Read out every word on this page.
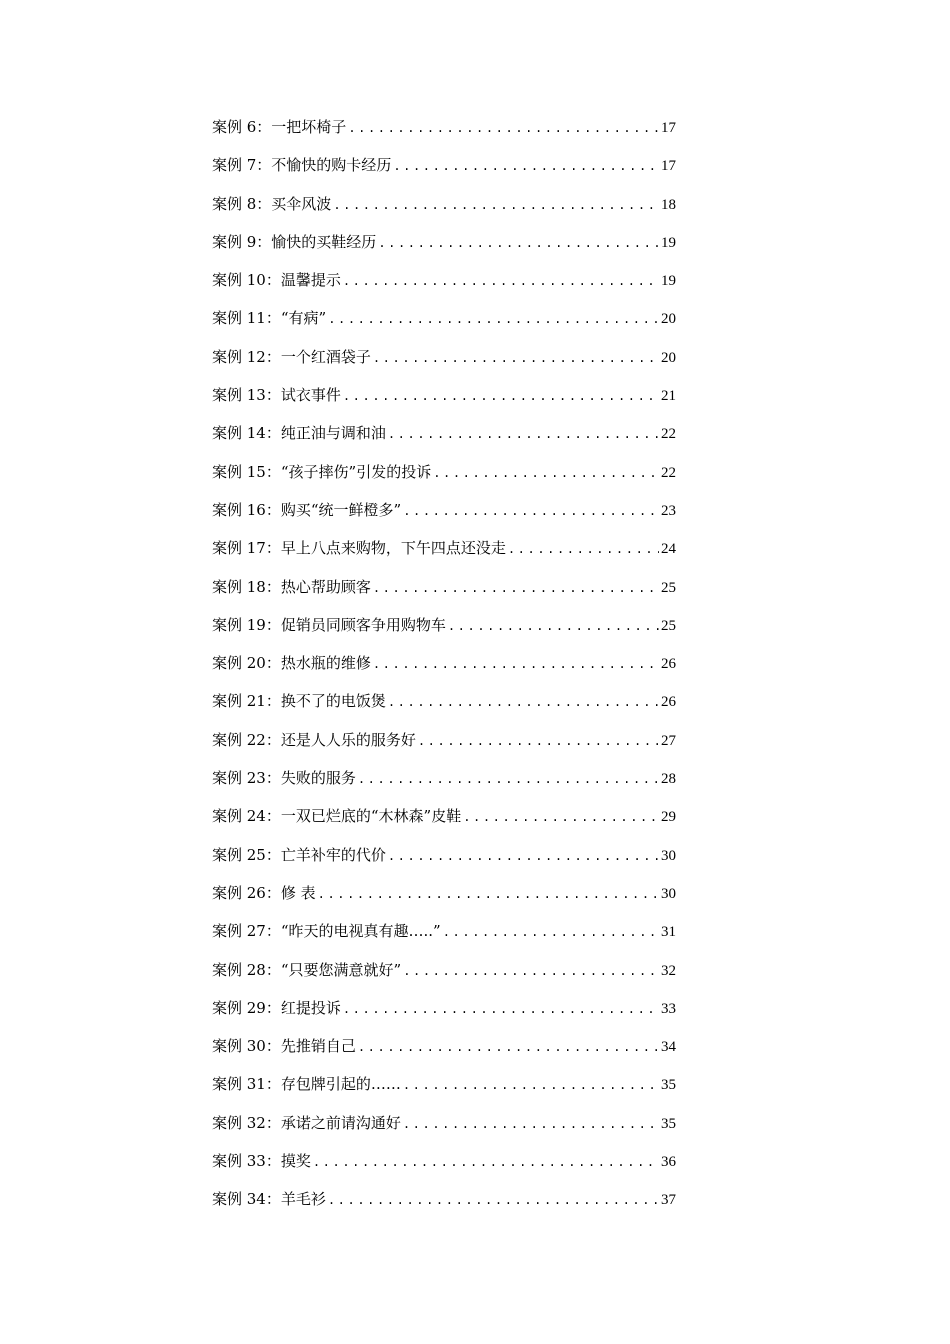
案例 6：一把坏椅子 .....	17
案例 7：不愉快的购卡经历 .....	17
案例 8：买伞风波 .....	18
案例 9：愉快的买鞋经历 .....	19
案例 10：温馨提示 .....	19
案例 11：“有病” .....	20
案例 12：一个红酒袋子 .....	20
案例 13：试衣事件 .....	21
案例 14：纯正油与调和油 .....	22
案例 15：“孩子摔伤”引发的投诉 .....	22
案例 16：购买“统一鲜橙多” .....	23
案例 17：早上八点来购物，下午四点还没走 .....	24
案例 18：热心帮助顾客 .....	25
案例 19：促销员同顾客争用购物车 .....	25
案例 20：热水瓶的维修 .....	26
案例 21：换不了的电饭煲 .....	26
案例 22：还是人人乐的服务好 .....	27
案例 23：失败的服务 .....	28
案例 24：一双已烂底的“木林森”皮鞋 .....	29
案例 25：亡羊补牢的代价 .....	30
案例 26：修 表 .....	30
案例 27：“昨天的电视真有趣…..” .....	31
案例 28：“只要您满意就好” .....	32
案例 29：红提投诉 .....	33
案例 30：先推销自己 .....	34
案例 31：存包牌引起的…… .....	35
案例 32：承诺之前请沟通好 .....	35
案例 33：摸奖 .....	36
案例 34：羊毛衫 .....	37
